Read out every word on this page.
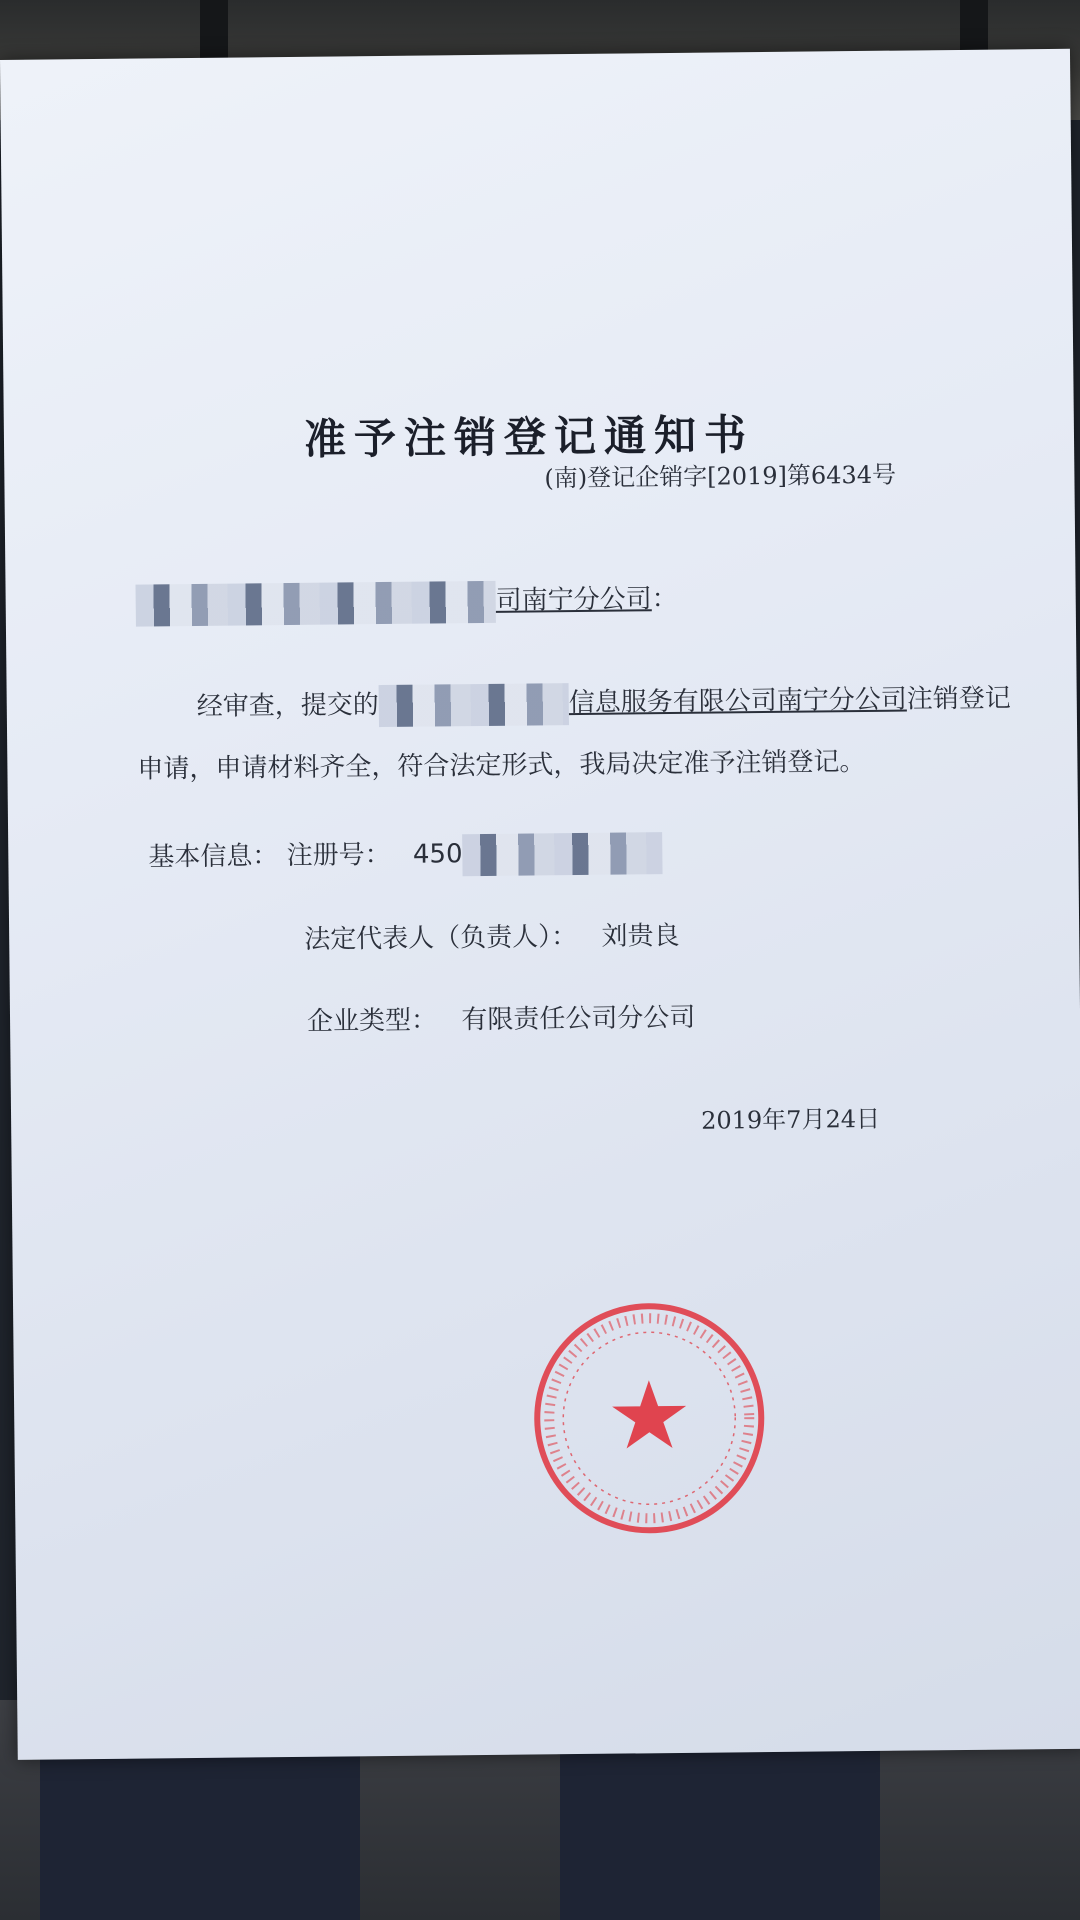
准予注销登记通知书
(南)登记企销字[2019]第6434号
司南宁分公司：
经审查，提交的	信息服务有限公司南宁分公司注销登记申请，申请材料齐全，符合法定形式，我局决定准予注销登记。
基本信息： 注册号： 450
法定代表人（负责人）： 刘贵良
企业类型： 有限责任公司分公司
2019年7月24日
